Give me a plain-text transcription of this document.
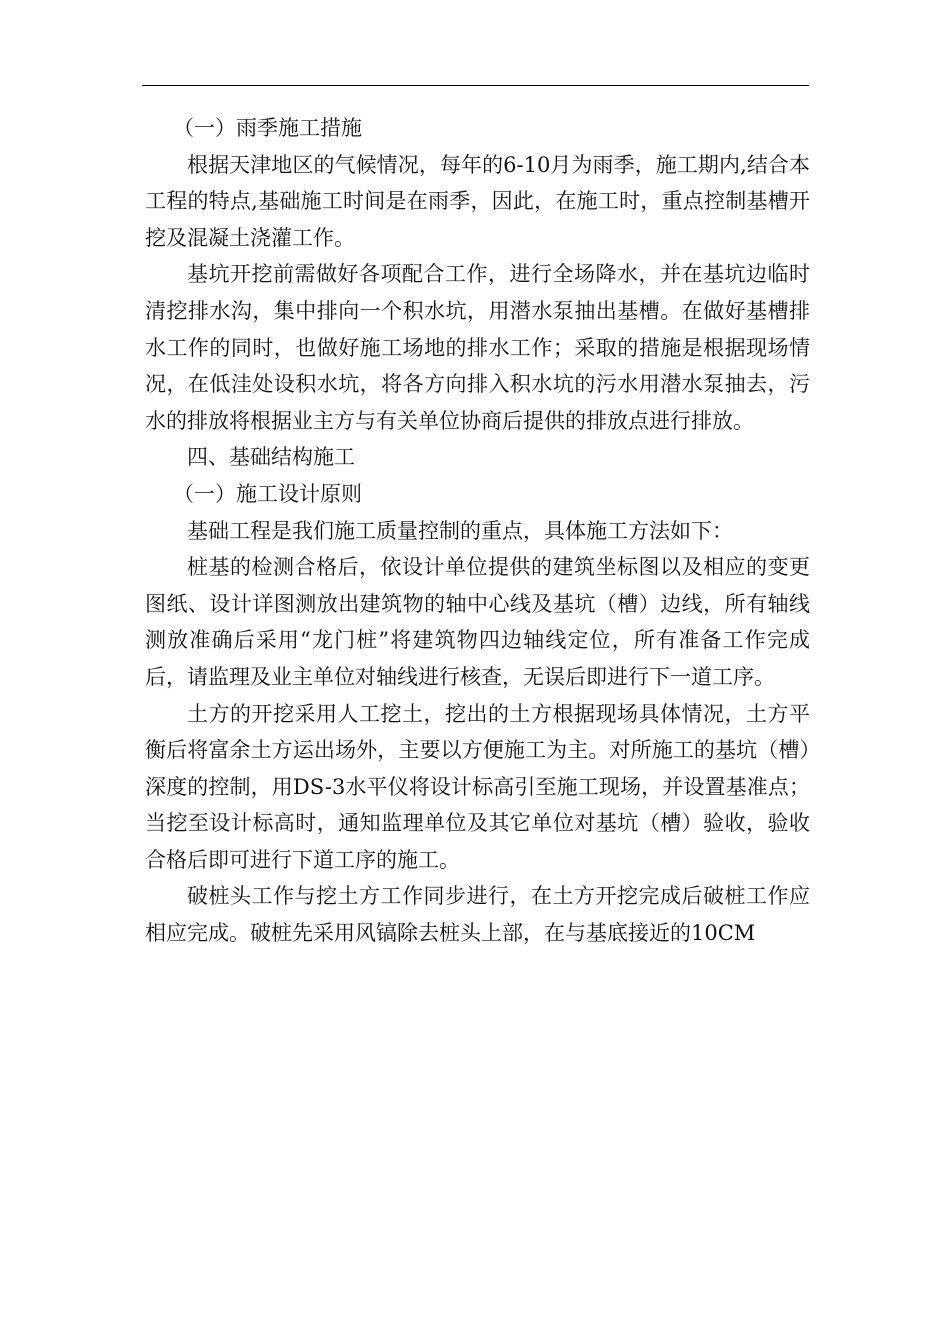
（一）雨季施工措施

根据天津地区的气候情况，每年的6-10月为雨季，施工期内,结合本工程的特点,基础施工时间是在雨季，因此，在施工时，重点控制基槽开挖及混凝土浇灌工作。

基坑开挖前需做好各项配合工作，进行全场降水，并在基坑边临时清挖排水沟，集中排向一个积水坑，用潜水泵抽出基槽。在做好基槽排水工作的同时，也做好施工场地的排水工作；采取的措施是根据现场情况，在低洼处设积水坑，将各方向排入积水坑的污水用潜水泵抽去，污水的排放将根据业主方与有关单位协商后提供的排放点进行排放。

四、基础结构施工

（一）施工设计原则

基础工程是我们施工质量控制的重点，具体施工方法如下：

桩基的检测合格后，依设计单位提供的建筑坐标图以及相应的变更图纸、设计详图测放出建筑物的轴中心线及基坑（槽）边线，所有轴线测放准确后采用“龙门桩”将建筑物四边轴线定位，所有准备工作完成后，请监理及业主单位对轴线进行核查，无误后即进行下一道工序。

土方的开挖采用人工挖土，挖出的土方根据现场具体情况，土方平衡后将富余土方运出场外，主要以方便施工为主。对所施工的基坑（槽）深度的控制，用DS-3水平仪将设计标高引至施工现场，并设置基准点；当挖至设计标高时，通知监理单位及其它单位对基坑（槽）验收，验收合格后即可进行下道工序的施工。

破桩头工作与挖土方工作同步进行，在土方开挖完成后破桩工作应相应完成。破桩先采用风镐除去桩头上部，在与基底接近的10CM
